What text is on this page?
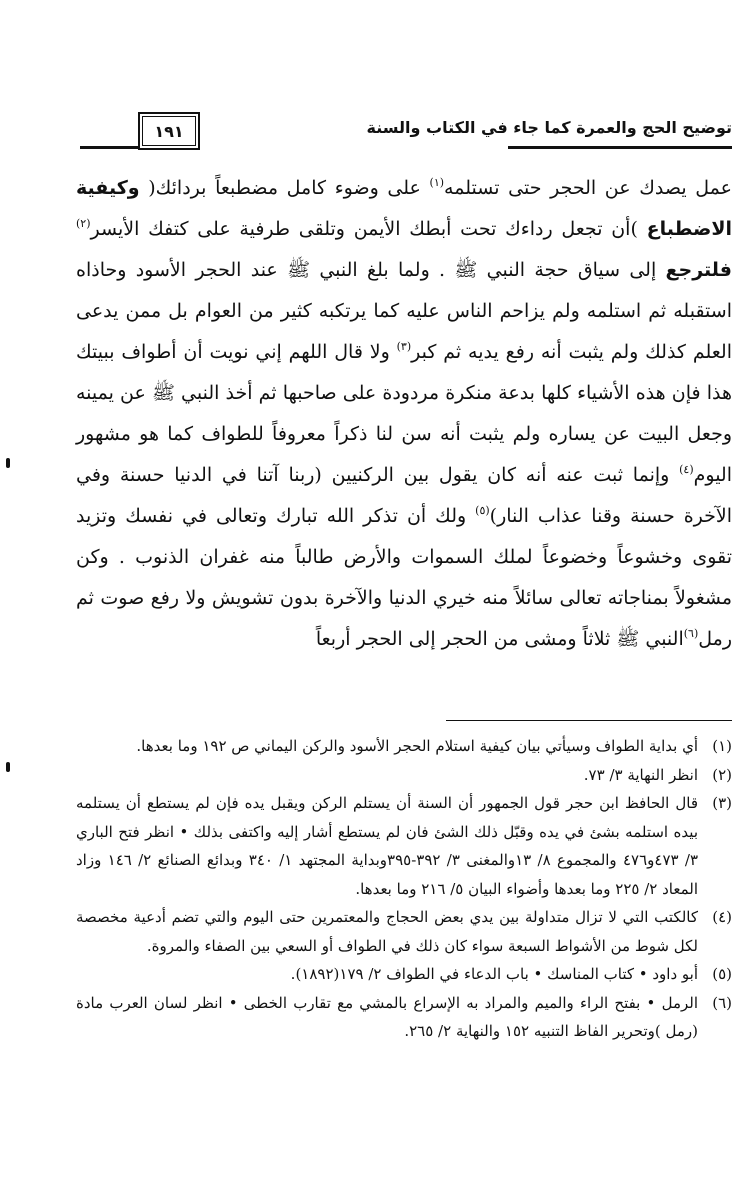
توضيح الحج والعمرة كما جاء في الكتاب والسنة
١٩١

عمل يصدك عن الحجر حتى تستلمه$^{(١)}$ على وضوء كامل مضطبعاً بردائك( وكيفية الاضطباع )أن تجعل رداءك تحت أبطك الأيمن وتلقى طرفية على كتفك الأيسر$^{(٢)}$ فلترجع إلى سياق حجة النبي ﷺ . ولما بلغ النبي ﷺ عند الحجر الأسود وحاذاه استقبله ثم استلمه ولم يزاحم الناس عليه كما يرتكبه كثير من العوام بل ممن يدعى العلم كذلك ولم يثبت أنه رفع يديه ثم كبر$^{(٣)}$ ولا قال اللهم إني نويت أن أطواف ببيتك هذا فإن هذه الأشياء كلها بدعة منكرة مردودة على صاحبها ثم أخذ النبي ﷺ عن يمينه وجعل البيت عن يساره ولم يثبت أنه سن لنا ذكراً معروفاً للطواف كما هو مشهور اليوم$^{(٤)}$ وإنما ثبت عنه أنه كان يقول بين الركنيين (ربنا آتنا في الدنيا حسنة وفي الآخرة حسنة وقنا عذاب النار)$^{(٥)}$ ولك أن تذكر الله تبارك وتعالى في نفسك وتزيد تقوى وخشوعاً وخضوعاً لملك السموات والأرض طالباً منه غفران الذنوب . وكن مشغولاً بمناجاته تعالى سائلاً منه خيري الدنيا والآخرة بدون تشويش ولا رفع صوت ثم رمل$^{(٦)}$النبي ﷺ ثلاثاً ومشى من الحجر إلى الحجر أربعاً

(١)
أي بداية الطواف وسيأتي بيان كيفية استلام الحجر الأسود والركن اليماني ص ١٩٢ وما بعدها.

(٢)
انظر النهاية ٣/ ٧٣.

(٣)
قال الحافظ ابن حجر قول الجمهور أن السنة أن يستلم الركن ويقبل يده فإن لم يستطع أن يستلمه بيده استلمه بشئ في يده وقبّل ذلك الشئ فان لم يستطع أشار إليه واكتفى بذلك • انظر فتح الباري ٣/ ٤٧٣و٤٧٦ والمجموع ٨/ ١٣والمغنى ٣/ ٣٩٢-٣٩٥وبداية المجتهد ١/ ٣٤٠ وبدائع الصنائع ٢/ ١٤٦ وزاد المعاد ٢/ ٢٢٥ وما بعدها وأضواء البيان ٥/ ٢١٦ وما بعدها.

(٤)
كالكتب التي لا تزال متداولة بين يدي بعض الحجاج والمعتمرين حتى اليوم والتي تضم أدعية مخصصة لكل شوط من الأشواط السبعة سواء كان ذلك في الطواف أو السعي بين الصفاء والمروة.

(٥)
أبو داود • كتاب المناسك • باب الدعاء في الطواف ٢/ ١٧٩(١٨٩٢).

(٦)
الرمل • بفتح الراء والميم والمراد به الإسراع بالمشي مع تقارب الخطى • انظر لسان العرب مادة (رمل )وتحرير الفاظ التنبيه ١٥٢ والنهاية ٢/ ٢٦٥.
